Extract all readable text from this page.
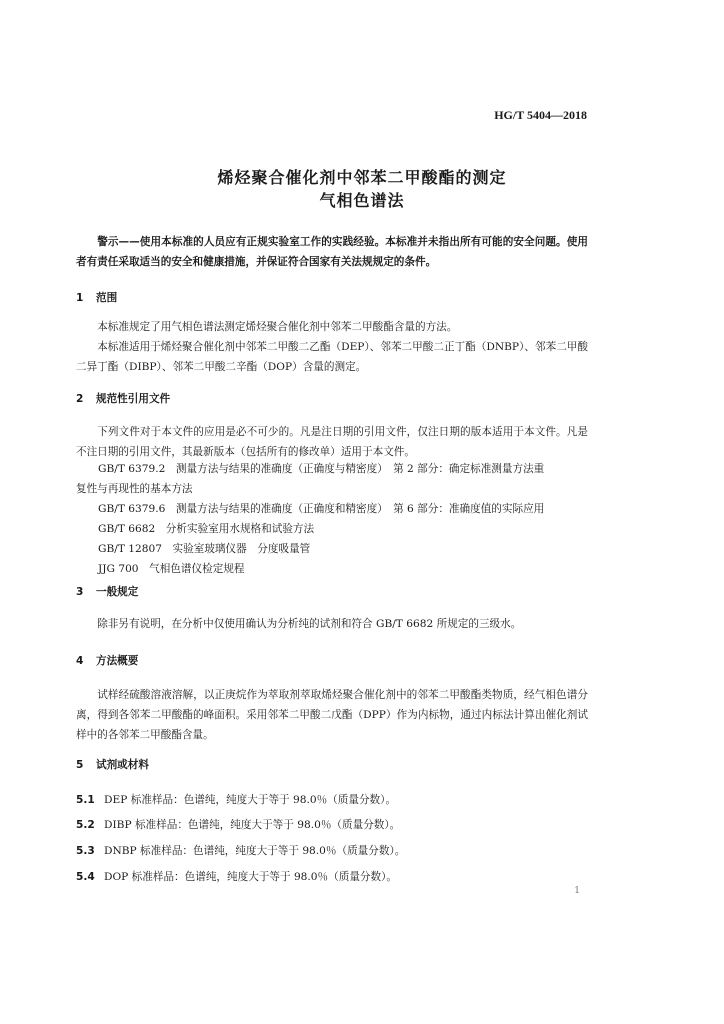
HG/T 5404—2018
烯烃聚合催化剂中邻苯二甲酸酯的测定
气相色谱法
警示——使用本标准的人员应有正规实验室工作的实践经验。本标准并未指出所有可能的安全问题。使用者有责任采取适当的安全和健康措施，并保证符合国家有关法规规定的条件。
1 范围
本标准规定了用气相色谱法测定烯烃聚合催化剂中邻苯二甲酸酯含量的方法。
本标准适用于烯烃聚合催化剂中邻苯二甲酸二乙酯（DEP）、邻苯二甲酸二正丁酯（DNBP）、邻苯二甲酸二异丁酯（DIBP）、邻苯二甲酸二辛酯（DOP）含量的测定。
2 规范性引用文件
下列文件对于本文件的应用是必不可少的。凡是注日期的引用文件，仅注日期的版本适用于本文件。凡是不注日期的引用文件，其最新版本（包括所有的修改单）适用于本文件。
GB/T 6379.2　测量方法与结果的准确度（正确度与精密度）　第 2 部分：确定标准测量方法重
复性与再现性的基本方法
GB/T 6379.6　测量方法与结果的准确度（正确度和精密度）　第 6 部分：准确度值的实际应用
GB/T 6682　分析实验室用水规格和试验方法
GB/T 12807　实验室玻璃仪器　分度吸量管
JJG 700　气相色谱仪检定规程
3 一般规定
除非另有说明，在分析中仅使用确认为分析纯的试剂和符合 GB/T 6682 所规定的三级水。
4 方法概要
试样经硫酸溶液溶解，以正庚烷作为萃取剂萃取烯烃聚合催化剂中的邻苯二甲酸酯类物质，经气相色谱分离，得到各邻苯二甲酸酯的峰面积。采用邻苯二甲酸二戊酯（DPP）作为内标物，通过内标法计算出催化剂试样中的各邻苯二甲酸酯含量。
5 试剂或材料
5.1 DEP 标准样品：色谱纯，纯度大于等于 98.0％（质量分数）。
5.2 DIBP 标准样品：色谱纯，纯度大于等于 98.0％（质量分数）。
5.3 DNBP 标准样品：色谱纯，纯度大于等于 98.0％（质量分数）。
5.4 DOP 标准样品：色谱纯，纯度大于等于 98.0％（质量分数）。
1
